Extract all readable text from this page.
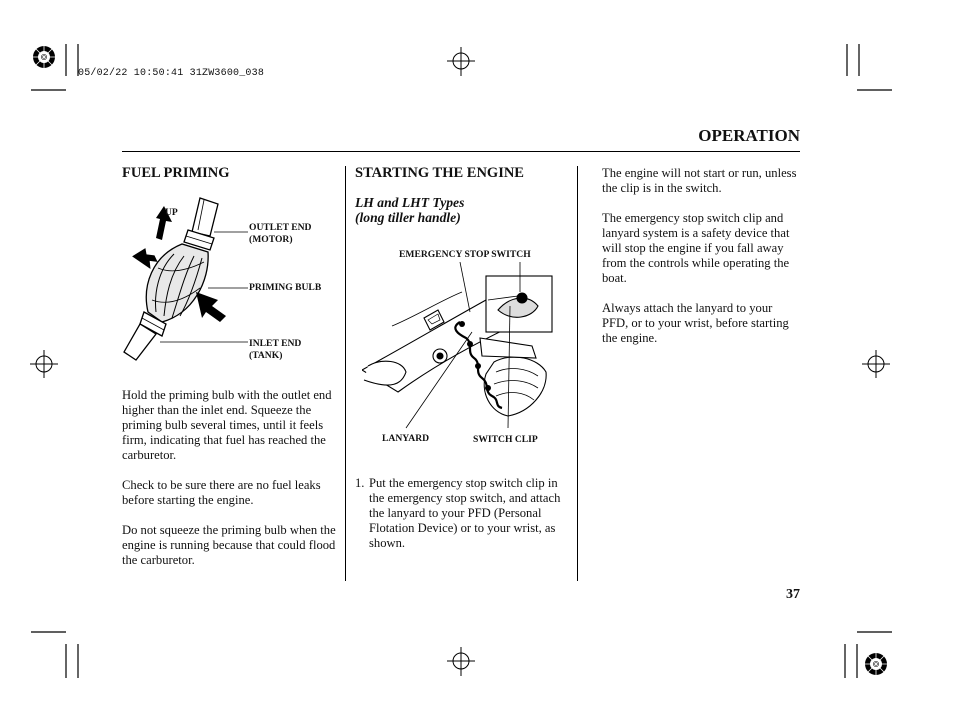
05/02/22 10:50:41 31ZW3600_038
OPERATION
FUEL PRIMING
UP
OUTLET END
(MOTOR)
PRIMING BULB
INLET END
(TANK)

Hold the priming bulb with the outlet end higher than the inlet end. Squeeze the priming bulb several times, until it feels firm, indicating that fuel has reached the carburetor.

Check to be sure there are no fuel leaks before starting the engine.

Do not squeeze the priming bulb when the engine is running because that could flood the carburetor.

STARTING THE ENGINE
LH and LHT Types
(long tiller handle)
EMERGENCY STOP SWITCH
LANYARD	SWITCH CLIP
1. Put the emergency stop switch clip in the emergency stop switch, and attach the lanyard to your PFD (Personal Flotation Device) or to your wrist, as shown.

The engine will not start or run, unless the clip is in the switch.

The emergency stop switch clip and lanyard system is a safety device that will stop the engine if you fall away from the controls while operating the boat.

Always attach the lanyard to your PFD, or to your wrist, before starting the engine.

37
